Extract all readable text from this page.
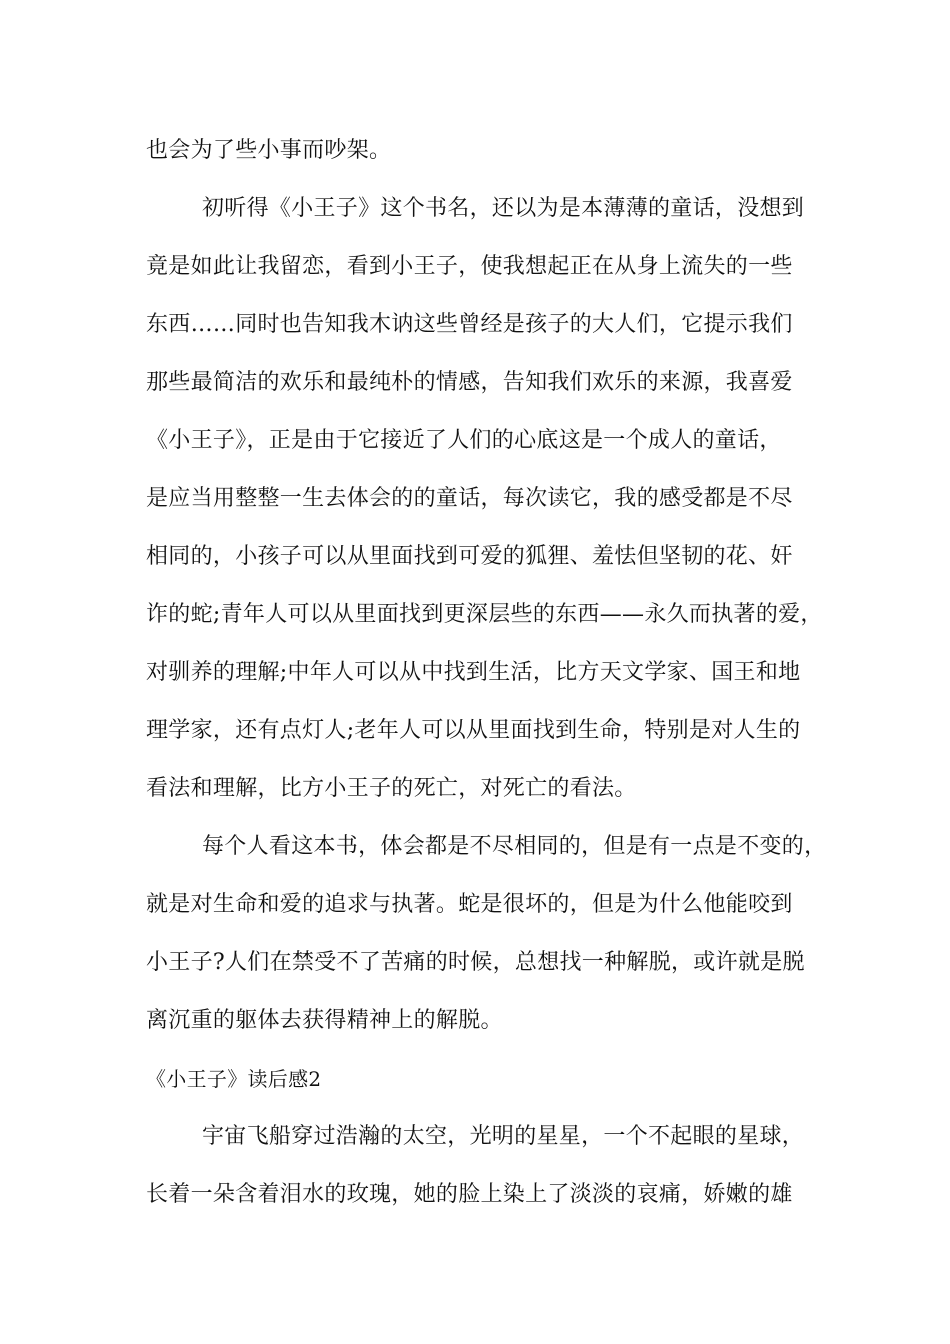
也会为了些小事而吵架。
初听得《小王子》这个书名，还以为是本薄薄的童话，没想到
竟是如此让我留恋，看到小王子，使我想起正在从身上流失的一些
东西……同时也告知我木讷这些曾经是孩子的大人们，它提示我们
那些最简洁的欢乐和最纯朴的情感，告知我们欢乐的来源，我喜爱
《小王子》，正是由于它接近了人们的心底这是一个成人的童话，
是应当用整整一生去体会的的童话，每次读它，我的感受都是不尽
相同的，小孩子可以从里面找到可爱的狐狸、羞怯但坚韧的花、奸
诈的蛇;青年人可以从里面找到更深层些的东西——永久而执著的爱，
对驯养的理解;中年人可以从中找到生活，比方天文学家、国王和地
理学家，还有点灯人;老年人可以从里面找到生命，特别是对人生的
看法和理解，比方小王子的死亡，对死亡的看法。
每个人看这本书，体会都是不尽相同的，但是有一点是不变的，
就是对生命和爱的追求与执著。蛇是很坏的，但是为什么他能咬到
小王子?人们在禁受不了苦痛的时候，总想找一种解脱，或许就是脱
离沉重的躯体去获得精神上的解脱。
《小王子》读后感2
宇宙飞船穿过浩瀚的太空，光明的星星，一个不起眼的星球，
长着一朵含着泪水的玫瑰，她的脸上染上了淡淡的哀痛，娇嫩的雄
